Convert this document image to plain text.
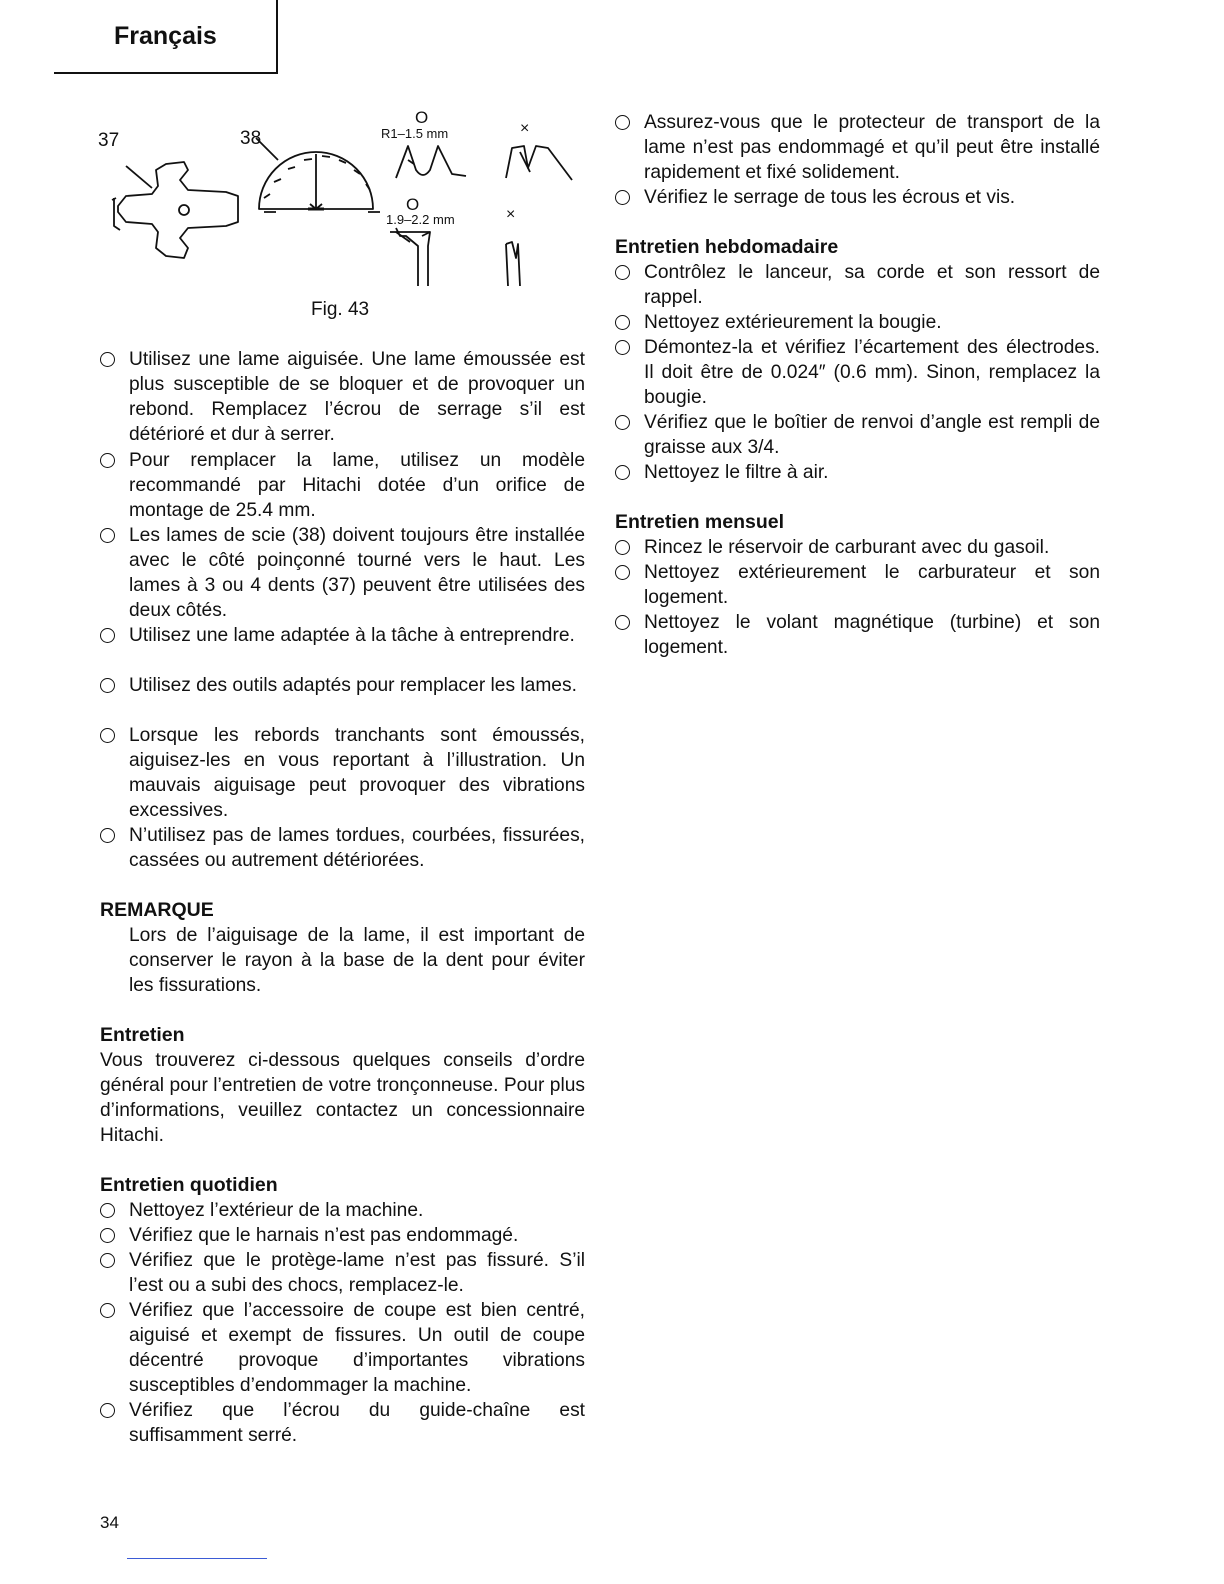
Français
37	38
O
R1–1.5 mm	×
O
1.9–2.2 mm	×
Fig. 43
Utilisez une lame aiguisée. Une lame émoussée est plus susceptible de se bloquer et de provoquer un rebond. Remplacez l’écrou de serrage s’il est détérioré et dur à serrer.
Pour remplacer la lame, utilisez un modèle recommandé par Hitachi dotée d’un orifice de montage de 25.4 mm.
Les lames de scie (38) doivent toujours être installée avec le côté poinçonné tourné vers le haut. Les lames à 3 ou 4 dents (37) peuvent être utilisées des deux côtés.
Utilisez une lame adaptée à la tâche à entreprendre.
Utilisez des outils adaptés pour remplacer les lames.
Lorsque les rebords tranchants sont émoussés, aiguisez-les en vous reportant à l’illustration. Un mauvais aiguisage peut provoquer des vibrations excessives.
N’utilisez pas de lames tordues, courbées, fissurées, cassées ou autrement détériorées.
REMARQUE
Lors de l’aiguisage de la lame, il est important de conserver le rayon à la base de la dent pour éviter les fissurations.
Entretien
Vous trouverez ci-dessous quelques conseils d’ordre général pour l’entretien de votre tronçonneuse. Pour plus d’informations, veuillez contactez un concessionnaire Hitachi.
Entretien quotidien
Nettoyez l’extérieur de la machine.
Vérifiez que le harnais n’est pas endommagé.
Vérifiez que le protège-lame n’est pas fissuré. S’il l’est ou a subi des chocs, remplacez-le.
Vérifiez que l’accessoire de coupe est bien centré, aiguisé et exempt de fissures. Un outil de coupe décentré provoque d’importantes vibrations susceptibles d’endommager la machine.
Vérifiez que l’écrou du guide-chaîne est suffisamment serré.
Assurez-vous que le protecteur de transport de la lame n’est pas endommagé et qu’il peut être installé rapidement et fixé solidement.
Vérifiez le serrage de tous les écrous et vis.
Entretien hebdomadaire
Contrôlez le lanceur, sa corde et son ressort de rappel.
Nettoyez extérieurement la bougie.
Démontez-la et vérifiez l’écartement des électrodes. Il doit être de 0.024″ (0.6 mm). Sinon, remplacez la bougie.
Vérifiez que le boîtier de renvoi d’angle est rempli de graisse aux 3/4.
Nettoyez le filtre à air.
Entretien mensuel
Rincez le réservoir de carburant avec du gasoil.
Nettoyez extérieurement le carburateur et son logement.
Nettoyez le volant magnétique (turbine) et son logement.
34
